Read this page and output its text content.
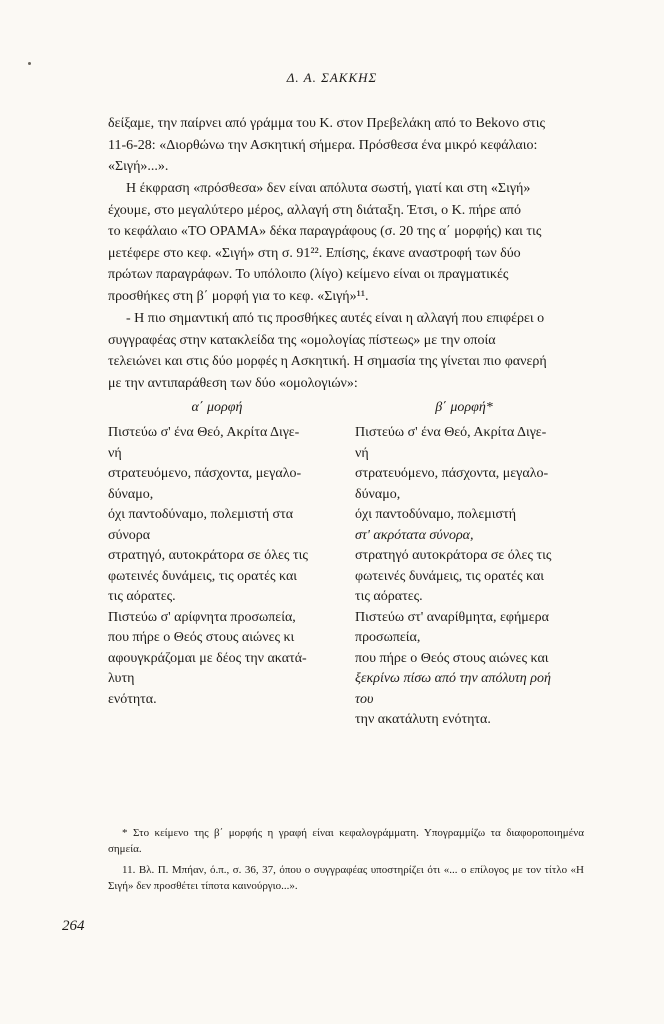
Δ. Α. ΣΑΚΚΗΣ

δείξαμε, την παίρνει από γράμμα του Κ. στον Πρεβελάκη από το Bekovo στις

11-6-28: «Διορθώνω την Ασκητική σήμερα. Πρόσθεσα ένα μικρό κεφάλαιο:

«Σιγή»...».

Η έκφραση «πρόσθεσα» δεν είναι απόλυτα σωστή, γιατί και στη «Σιγή»

έχουμε, στο μεγαλύτερο μέρος, αλλαγή στη διάταξη. Έτσι, ο Κ. πήρε από

το κεφάλαιο «ΤΟ ΟΡΑΜΑ» δέκα παραγράφους (σ. 20 της α΄ μορφής) και τις

μετέφερε στο κεφ. «Σιγή» στη σ. 91²². Επίσης, έκανε αναστροφή των δύο

πρώτων παραγράφων. Το υπόλοιπο (λίγο) κείμενο είναι οι πραγματικές

προσθήκες στη β΄ μορφή για το κεφ. «Σιγή»¹¹.

- Η πιο σημαντική από τις προσθήκες αυτές είναι η αλλαγή που επιφέρει ο

συγγραφέας στην κατακλείδα της «ομολογίας πίστεως» με την οποία

τελειώνει και στις δύο μορφές η Ασκητική. Η σημασία της γίνεται πιο φανερή

με την αντιπαράθεση των δύο «ομολογιών»:

α΄ μορφή
Πιστεύω σ' ένα Θεό, Ακρίτα Διγε-
νή
στρατευόμενο, πάσχοντα, μεγαλο-
δύναμο,
όχι παντοδύναμο, πολεμιστή στα
σύνορα
στρατηγό, αυτοκράτορα σε όλες τις
φωτεινές δυνάμεις, τις ορατές και
τις αόρατες.
Πιστεύω σ' αρίφνητα προσωπεία,
που πήρε ο Θεός στους αιώνες κι
αφουγκράζομαι με δέος την ακατά-
λυτη
ενότητα.
β΄ μορφή*
Πιστεύω σ' ένα Θεό, Ακρίτα Διγε-
νή
στρατευόμενο, πάσχοντα, μεγαλο-
δύναμο,
όχι παντοδύναμο, πολεμιστή
στ' ακρότατα σύνορα,
στρατηγό αυτοκράτορα σε όλες τις
φωτεινές δυνάμεις, τις ορατές και
τις αόρατες.
Πιστεύω στ' αναρίθμητα, εφήμερα
προσωπεία,
που πήρε ο Θεός στους αιώνες και
ξεκρίνω πίσω από την απόλυτη ροή
του
την ακατάλυτη ενότητα.

* Στο κείμενο της β΄ μορφής η γραφή είναι κεφαλογράμματη. Υπογραμμίζω τα διαφοροποιημένα σημεία.

11. Βλ. Π. Μπήαν, ό.π., σ. 36, 37, όπου ο συγγραφέας υποστηρίζει ότι «... ο επίλογος με τον τίτλο «Η Σιγή» δεν προσθέτει τίποτα καινούργιο...».

264
